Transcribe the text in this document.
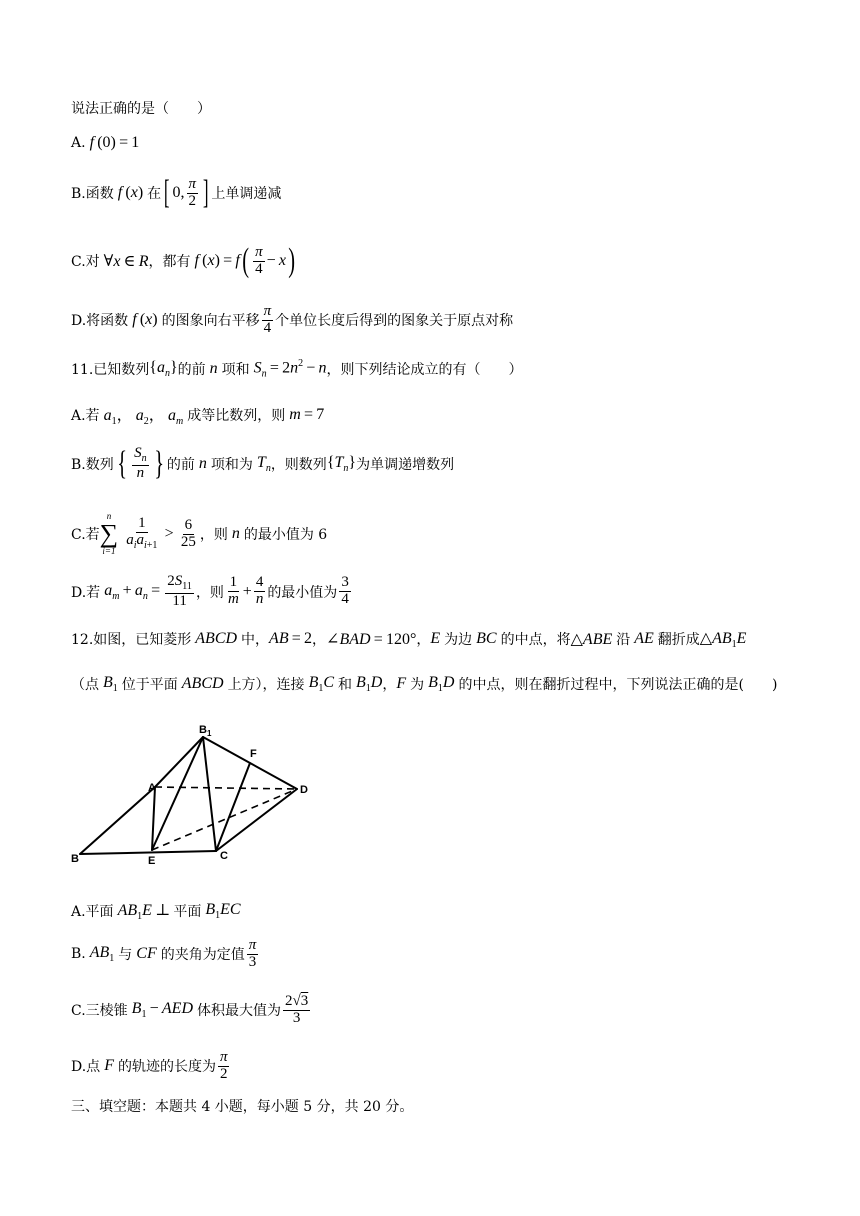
说法正确的是（　　）
A. f (0) = 1
B.函数 f (x) 在 [ 0, $\frac{\pi}{2}$ ] 上单调递减
C.对 ∀x ∈ R ，都有 f (x) = f ( $\frac{\pi}{4} - x$ )
D.将函数 f (x) 的图象向右平移 $\frac{\pi}{4}$ 个单位长度后得到的图象关于原点对称
11.已知数列 $\{a_n\}$ 的前 n 项和 $S_n = 2n^2 - n$ ，则下列结论成立的有（　　）
A.若 $a_1$， $a_2$， $a_m$ 成等比数列，则 m = 7
B.数列 { $\frac{S_n}{n}$ } 的前 n 项和为 $T_n$ ，则数列 $\{T_n\}$ 为单调递增数列
C.若
n
∑
$i=1 \frac{1}{a_ia_{i+1}} > \frac{6}{25}$ ，则 n 的最小值为 6
D.若 $a_m + a_n = \frac{2S_{11}}{11}$ ，则 $\frac{1}{m} + \frac{4}{n}$ 的最小值为 $\frac{3}{4}$
12.如图，已知菱形 ABCD 中， AB = 2 ， ∠BAD = 120° ， E 为边 BC 的中点，将 △ABE 沿 AE 翻折成 $\triangle AB_1E$
（点 $B_1$ 位于平面 ABCD 上方），连接 $B_1C$ 和 $B_1D$ ， F 为 $B_1D$ 的中点，则在翻折过程中，下列说法正确的是(　　)
$B_1$
F
A	D
B	E	C
A.平面 $AB_1E$ ⊥  平面 $B_1EC$
B. $AB_1$ 与 CF 的夹角为定值 $\frac{\pi}{3}$
C.三棱锥 $B_1$ − AED 体积最大值为 $\frac{2√3}{3}$
D.点 F 的轨迹的长度为 $\frac{\pi}{2}$
三、填空题：本题共 4 小题，每小题 5 分，共 20 分。
